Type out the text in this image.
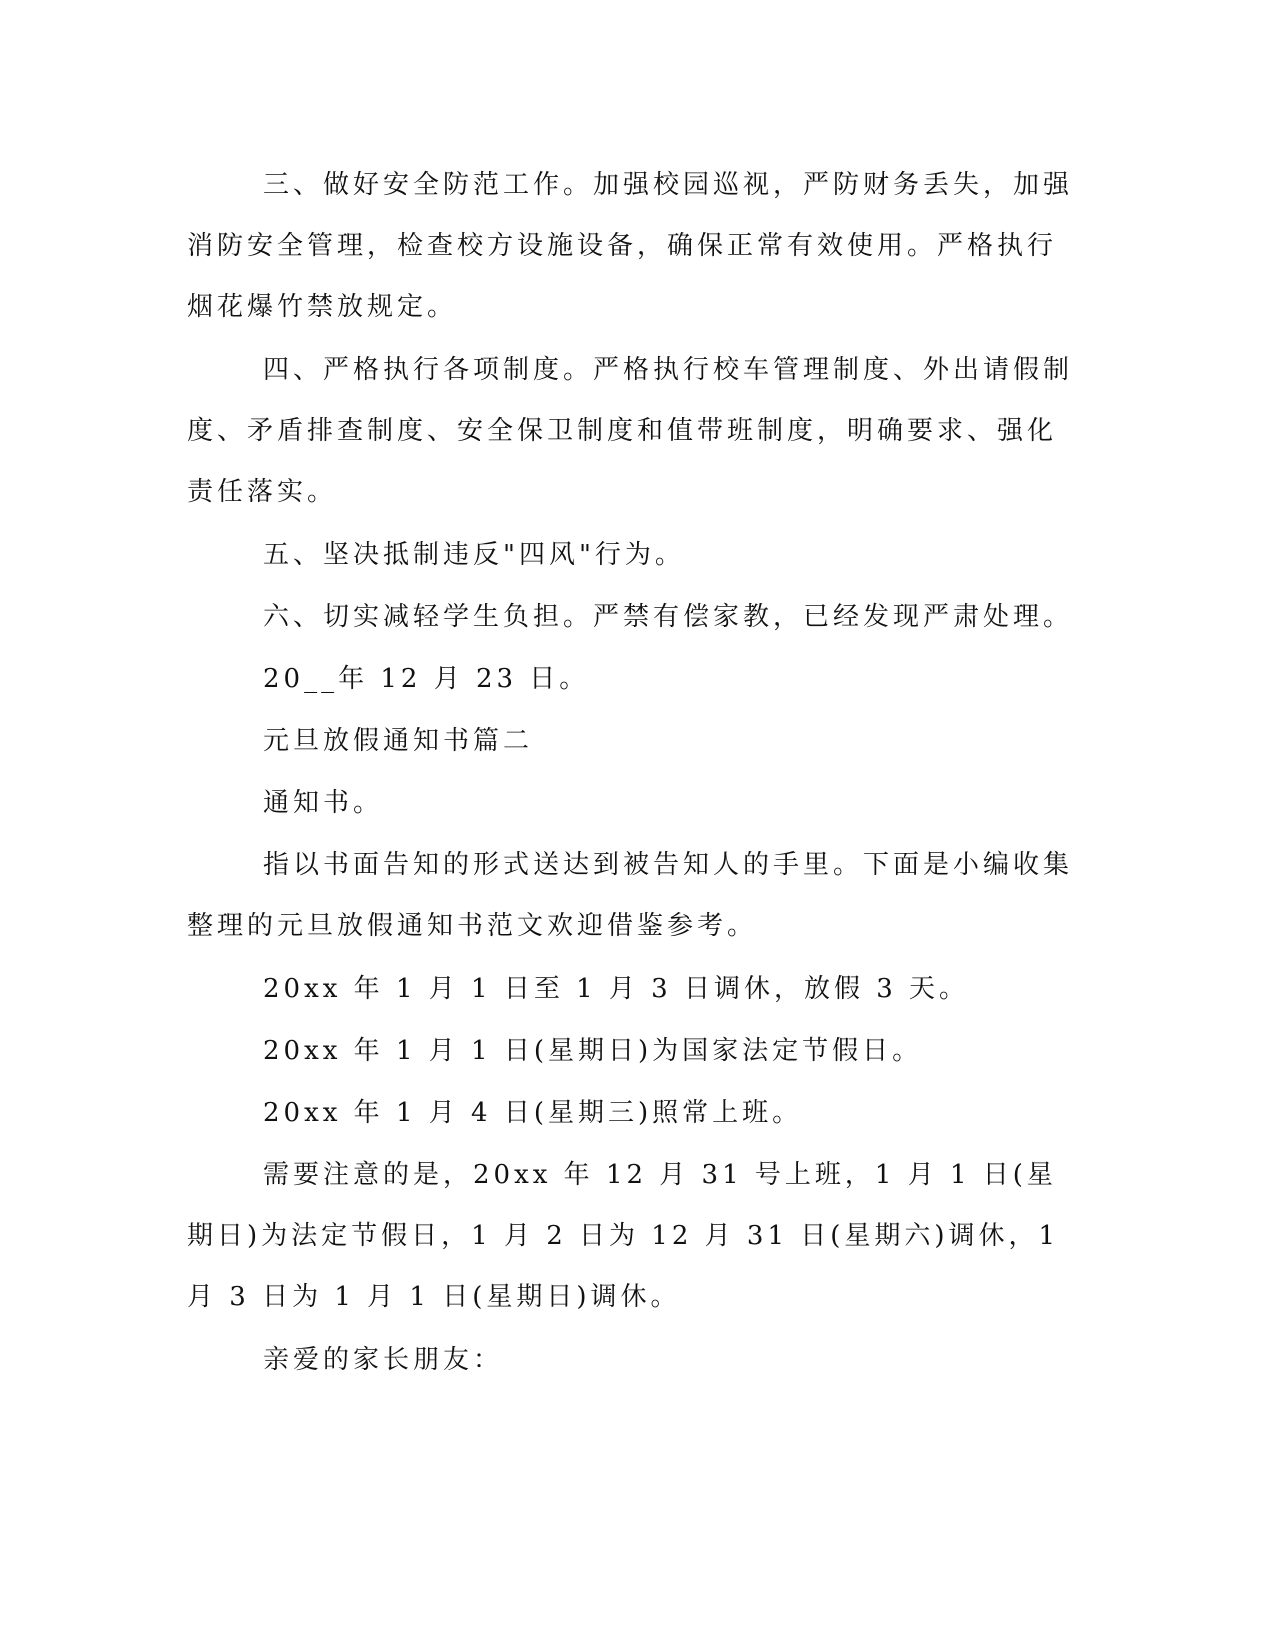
三、做好安全防范工作。加强校园巡视，严防财务丢失，加强消防安全管理，检查校方设施设备，确保正常有效使用。严格执行烟花爆竹禁放规定。

四、严格执行各项制度。严格执行校车管理制度、外出请假制度、矛盾排查制度、安全保卫制度和值带班制度，明确要求、强化责任落实。

五、坚决抵制违反"四风"行为。

六、切实减轻学生负担。严禁有偿家教，已经发现严肃处理。

20__年 12 月 23 日。

元旦放假通知书篇二

通知书。

指以书面告知的形式送达到被告知人的手里。下面是小编收集整理的元旦放假通知书范文欢迎借鉴参考。

20xx 年 1 月 1 日至 1 月 3 日调休，放假 3 天。

20xx 年 1 月 1 日(星期日)为国家法定节假日。

20xx 年 1 月 4 日(星期三)照常上班。

需要注意的是，20xx 年 12 月 31 号上班，1 月 1 日(星期日)为法定节假日，1 月 2 日为 12 月 31 日(星期六)调休，1 月 3 日为 1 月 1 日(星期日)调休。

亲爱的家长朋友：
